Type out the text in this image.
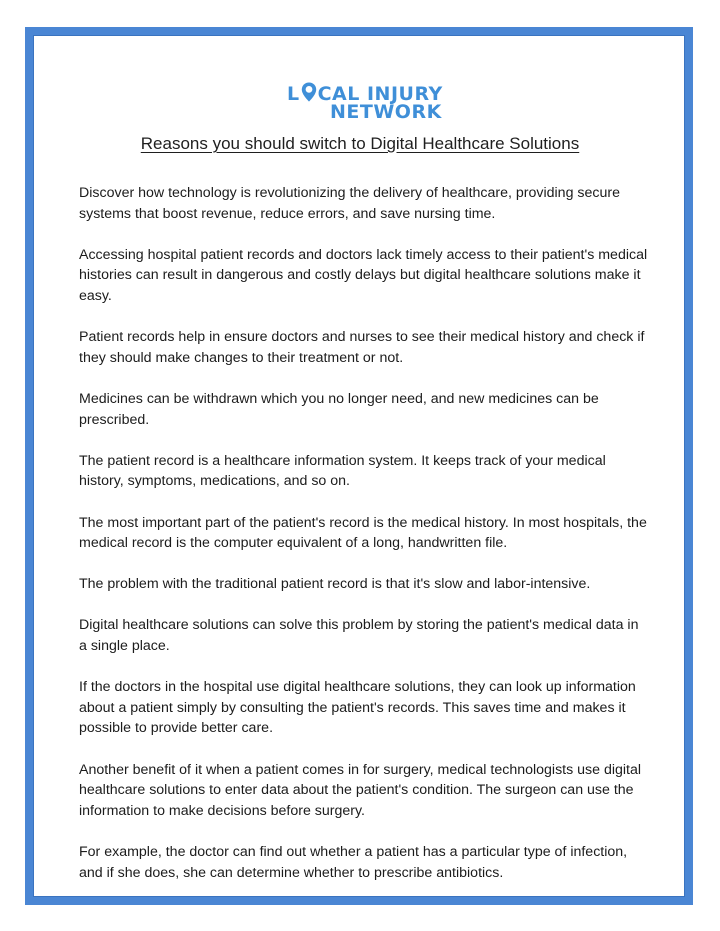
L CAL INJURY
NETWORK
Reasons you should switch to Digital Healthcare Solutions

Discover how technology is revolutionizing the delivery of healthcare, providing secure systems that boost revenue, reduce errors, and save nursing time.

Accessing hospital patient records and doctors lack timely access to their patient's medical histories can result in dangerous and costly delays but digital healthcare solutions make it easy.

Patient records help in ensure doctors and nurses to see their medical history and check if they should make changes to their treatment or not.

Medicines can be withdrawn which you no longer need, and new medicines can be prescribed.

The patient record is a healthcare information system. It keeps track of your medical history, symptoms, medications, and so on.

The most important part of the patient's record is the medical history. In most hospitals, the medical record is the computer equivalent of a long, handwritten file.

The problem with the traditional patient record is that it's slow and labor-intensive.

Digital healthcare solutions can solve this problem by storing the patient's medical data in a single place.

If the doctors in the hospital use digital healthcare solutions, they can look up information about a patient simply by consulting the patient's records. This saves time and makes it possible to provide better care.

Another benefit of it when a patient comes in for surgery, medical technologists use digital healthcare solutions to enter data about the patient's condition. The surgeon can use the information to make decisions before surgery.

For example, the doctor can find out whether a patient has a particular type of infection, and if she does, she can determine whether to prescribe antibiotics.
